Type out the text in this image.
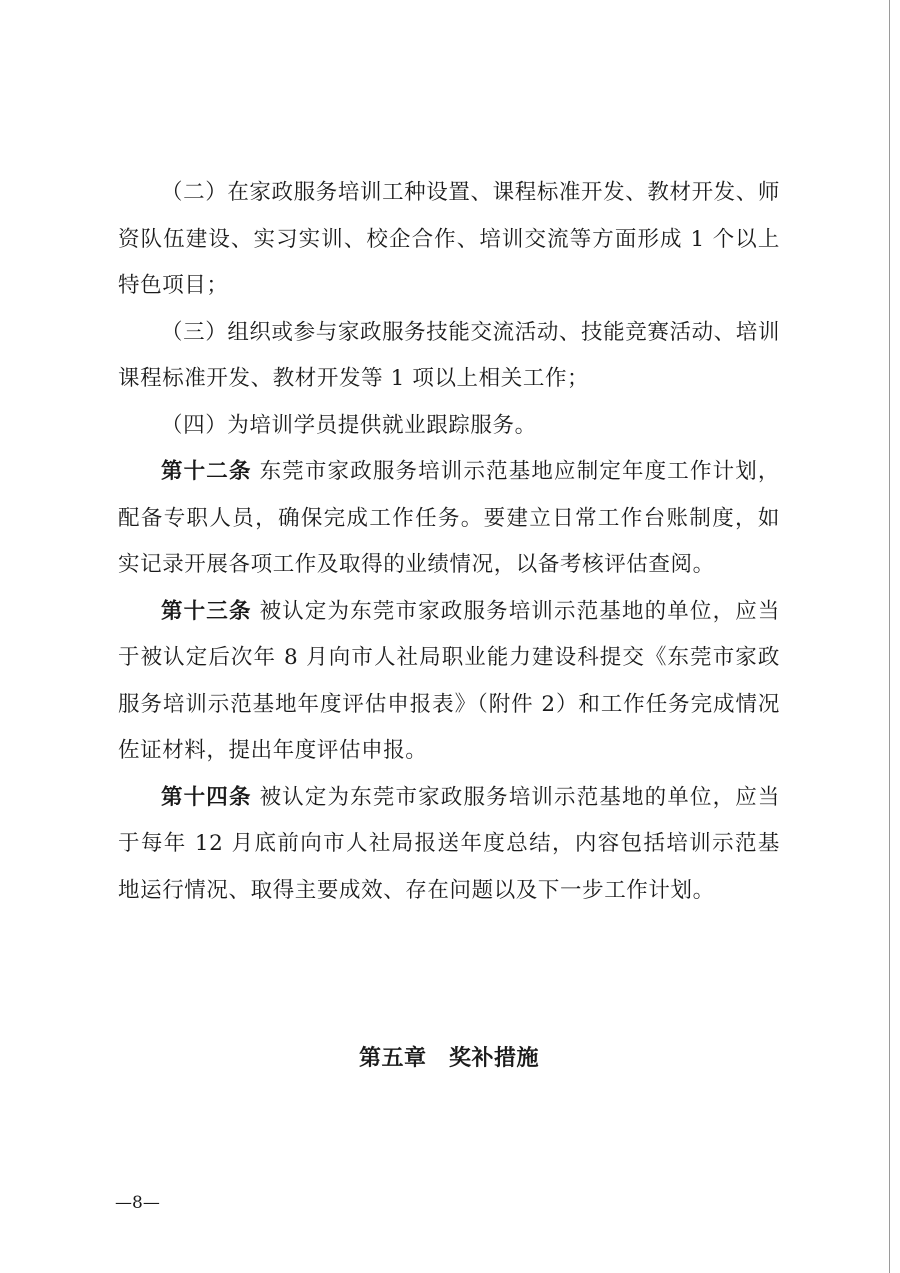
（二）在家政服务培训工种设置、课程标准开发、教材开发、师资队伍建设、实习实训、校企合作、培训交流等方面形成 1 个以上特色项目；

（三）组织或参与家政服务技能交流活动、技能竞赛活动、培训课程标准开发、教材开发等 1 项以上相关工作；

（四）为培训学员提供就业跟踪服务。

第十二条 东莞市家政服务培训示范基地应制定年度工作计划，配备专职人员，确保完成工作任务。要建立日常工作台账制度，如实记录开展各项工作及取得的业绩情况，以备考核评估查阅。

第十三条 被认定为东莞市家政服务培训示范基地的单位，应当于被认定后次年 8 月向市人社局职业能力建设科提交《东莞市家政服务培训示范基地年度评估申报表》（附件 2）和工作任务完成情况佐证材料，提出年度评估申报。

第十四条 被认定为东莞市家政服务培训示范基地的单位，应当于每年 12 月底前向市人社局报送年度总结，内容包括培训示范基地运行情况、取得主要成效、存在问题以及下一步工作计划。

第五章　奖补措施
—8—
